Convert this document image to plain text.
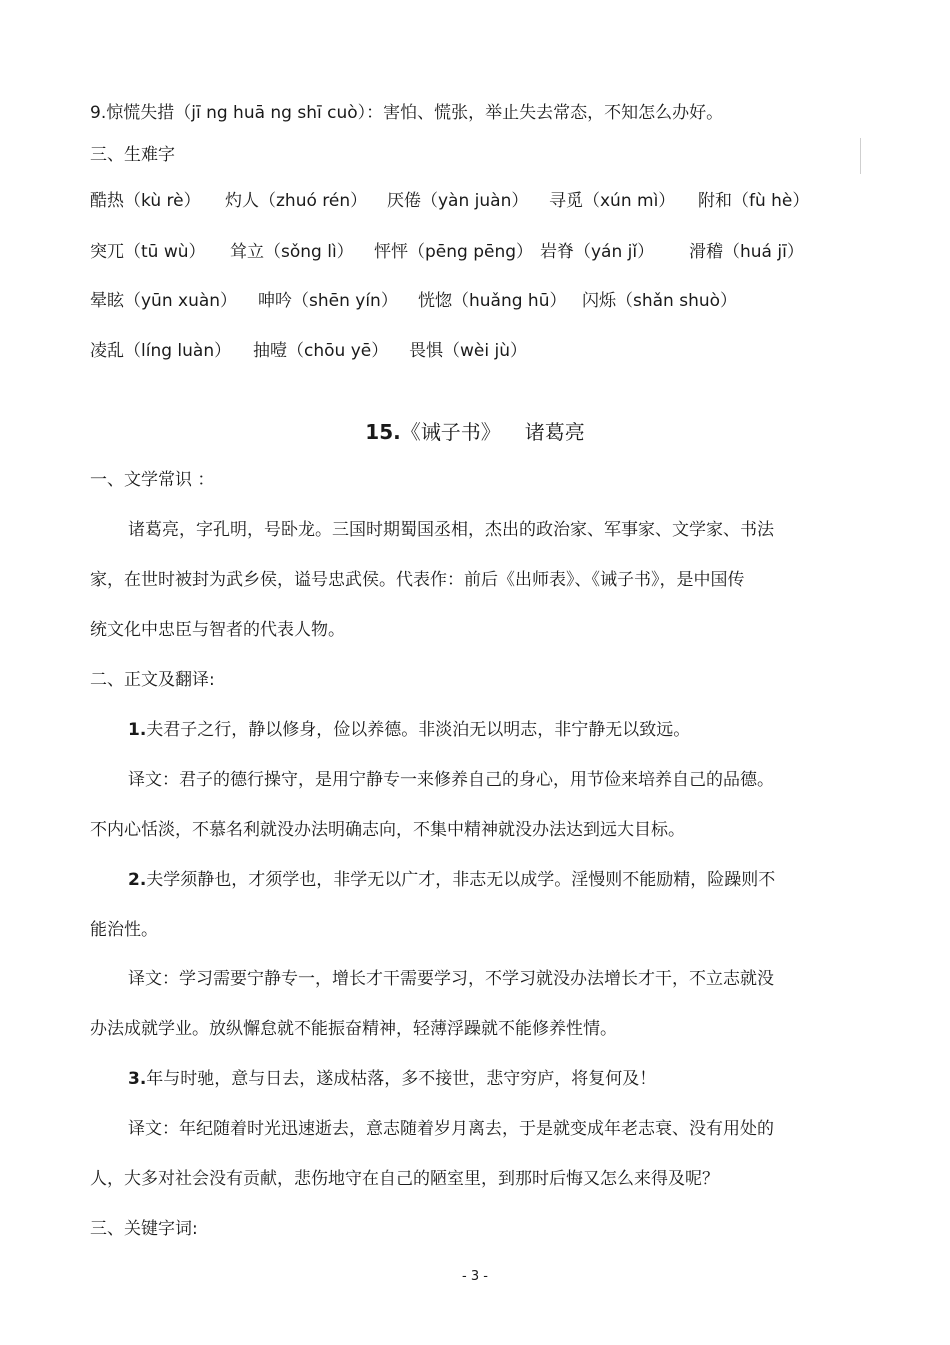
9.惊慌失措（jī ng huā ng shī cuò）：害怕、慌张，举止失去常态，不知怎么办好。
三、生难字
酷热（kù rè） 灼人（zhuó rén） 厌倦（yàn juàn） 寻觅（xún mì） 附和（fù hè）
突兀（tū wù） 耸立（sǒng lì） 怦怦（pēng pēng） 岩脊（yán jǐ） 滑稽（huá jī）
晕眩（yūn xuàn） 呻吟（shēn yín） 恍惚（huǎng hū） 闪烁（shǎn shuò）
凌乱（líng luàn） 抽噎（chōu yē） 畏惧（wèi jù）
15.《诫子书》 诸葛亮
一、文学常识 ：
诸葛亮，字孔明，号卧龙。三国时期蜀国丞相，杰出的政治家、军事家、文学家、书法
家，在世时被封为武乡侯，谥号忠武侯。代表作：前后《出师表》、《诫子书》，是中国传
统文化中忠臣与智者的代表人物。
二、正文及翻译:
1.夫君子之行，静以修身，俭以养德。非淡泊无以明志，非宁静无以致远。
译文：君子的德行操守，是用宁静专一来修养自己的身心，用节俭来培养自己的品德。
不内心恬淡，不慕名利就没办法明确志向，不集中精神就没办法达到远大目标。
2.夫学须静也，才须学也，非学无以广才，非志无以成学。淫慢则不能励精，险躁则不
能治性。
译文：学习需要宁静专一，增长才干需要学习，不学习就没办法增长才干，不立志就没
办法成就学业。放纵懈怠就不能振奋精神，轻薄浮躁就不能修养性情。
3.年与时驰，意与日去，遂成枯落，多不接世，悲守穷庐，将复何及！
译文：年纪随着时光迅速逝去，意志随着岁月离去，于是就变成年老志衰、没有用处的
人，大多对社会没有贡献，悲伤地守在自己的陋室里，到那时后悔又怎么来得及呢？
三、关键字词:
- 3 -
